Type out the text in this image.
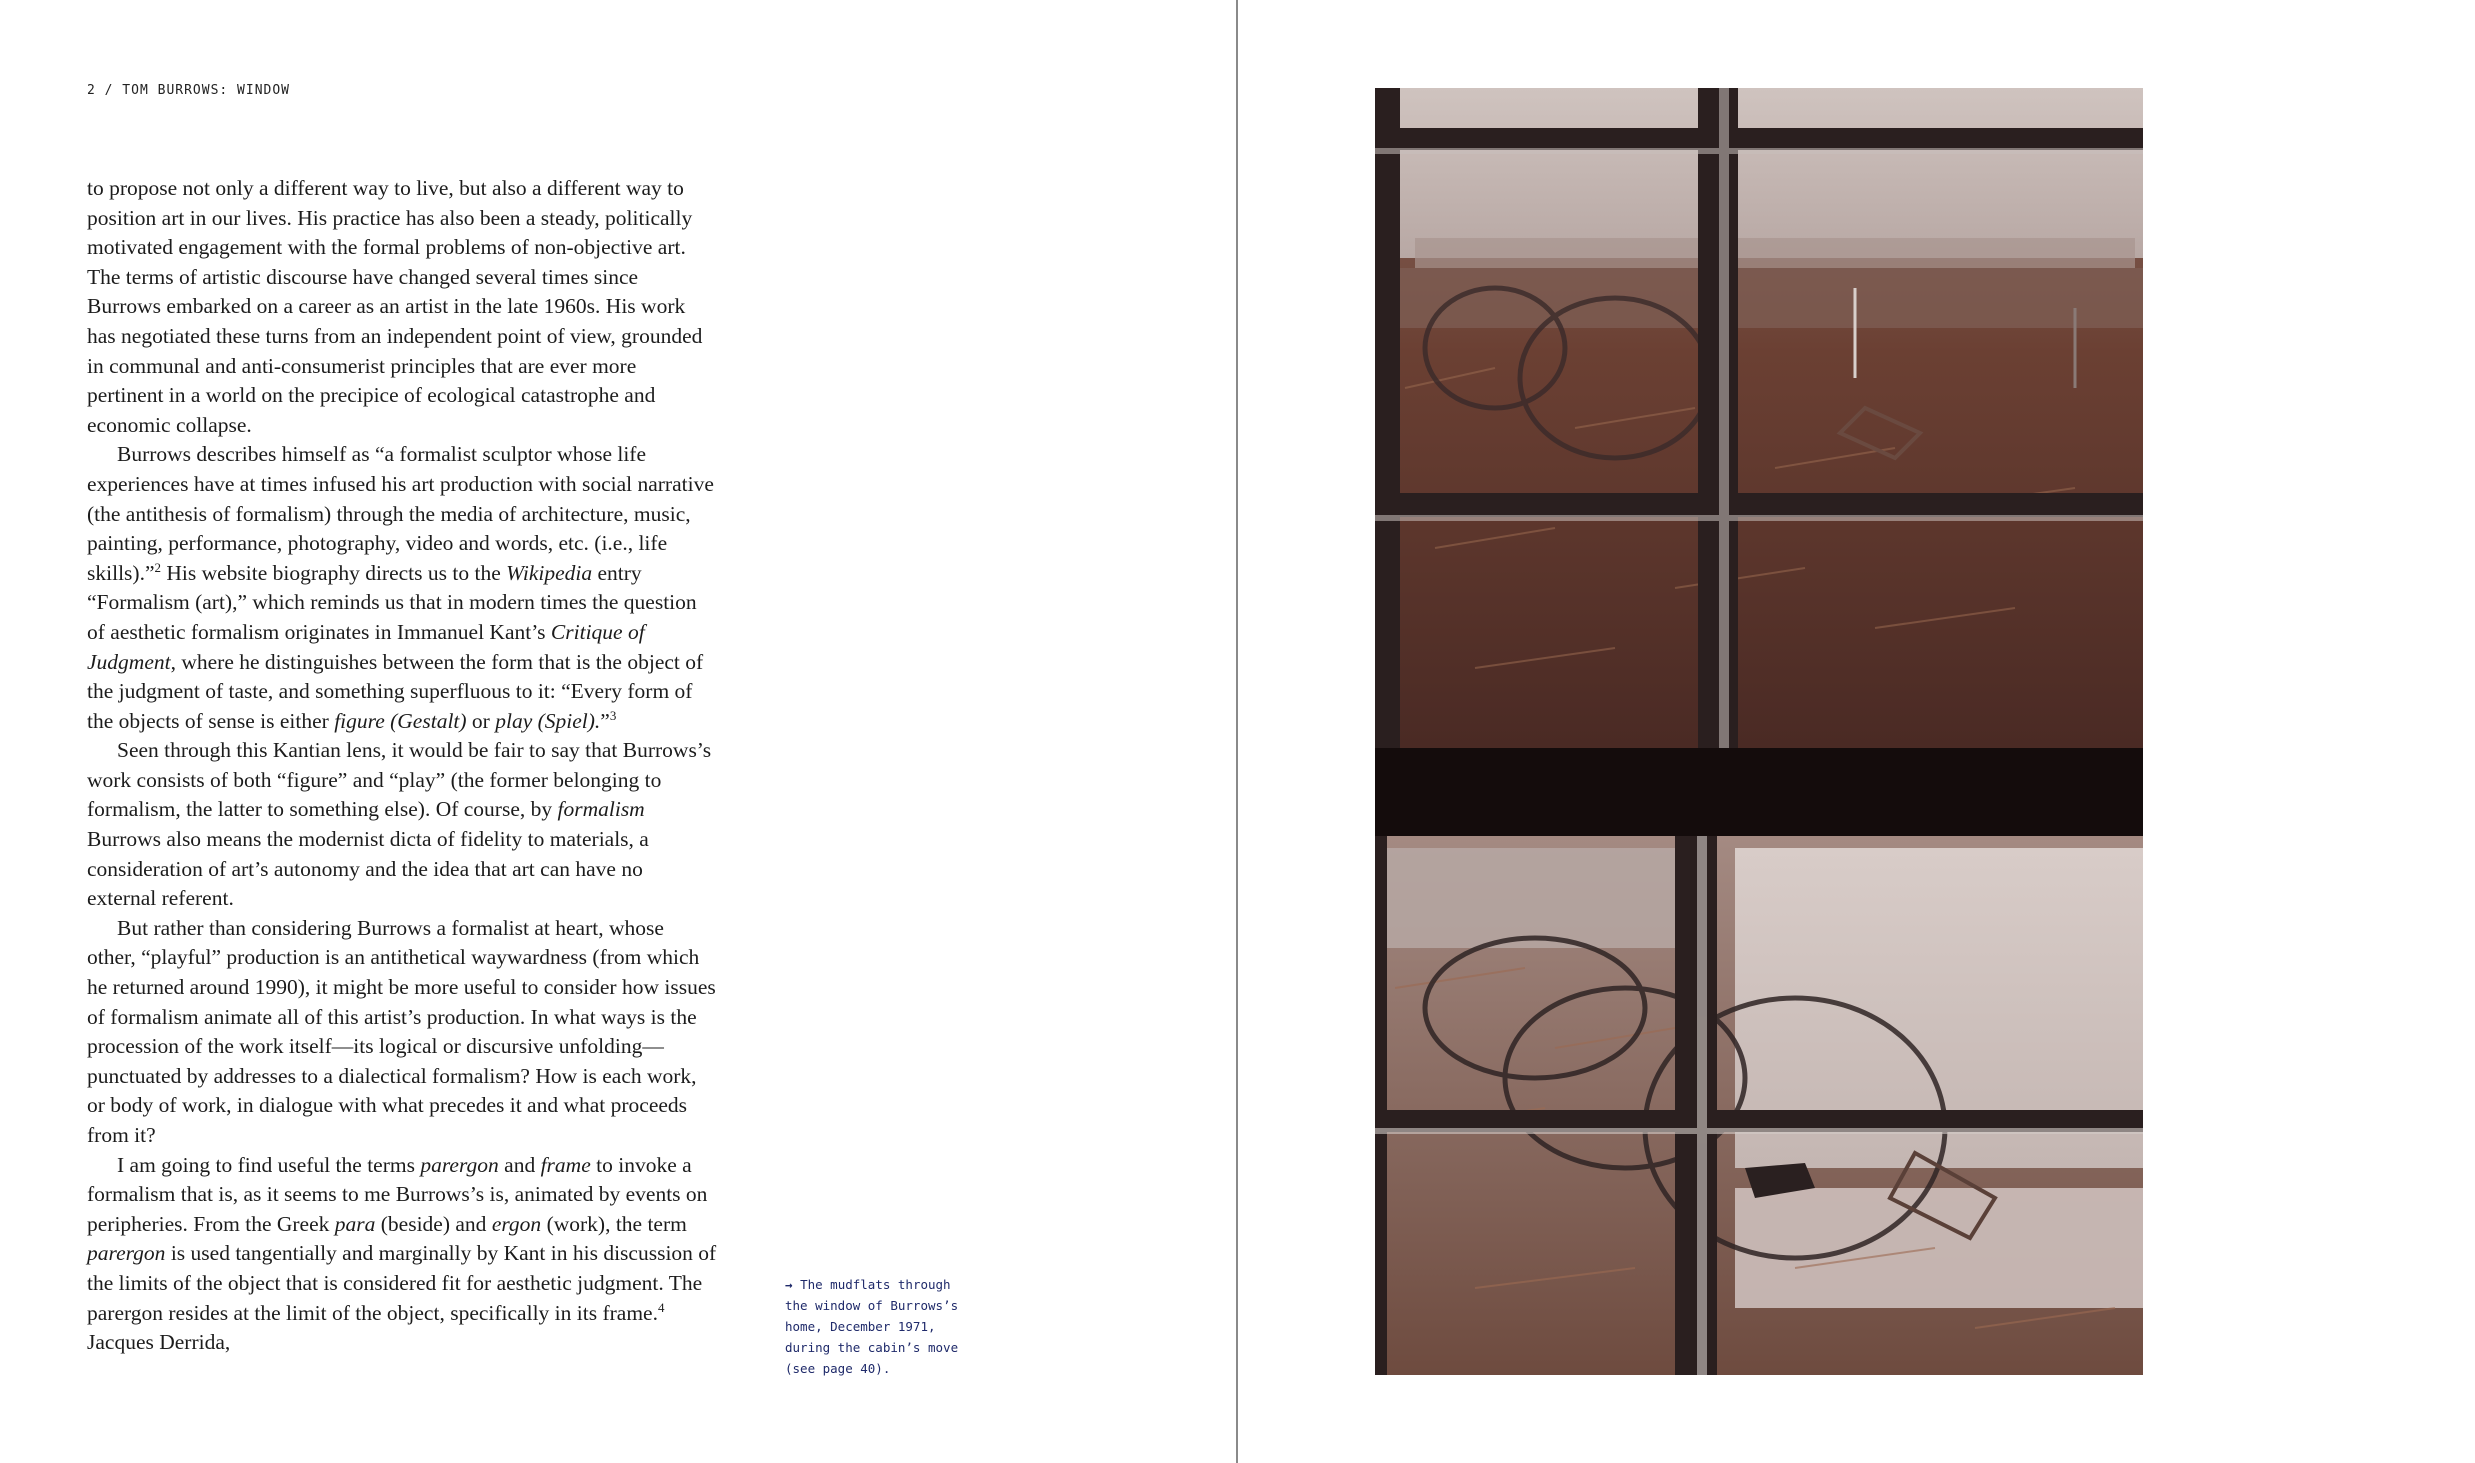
2 / TOM BURROWS: WINDOW

to propose not only a different way to live, but also a different way to position art in our lives. His practice has also been a steady, politically motivated engagement with the formal problems of non-objective art. The terms of artistic discourse have changed several times since Burrows embarked on a career as an artist in the late 1960s. His work has negotiated these turns from an independent point of view, grounded in communal and anti-consumerist principles that are ever more pertinent in a world on the precipice of ecological catastrophe and economic collapse.

Burrows describes himself as “a formalist sculptor whose life experiences have at times infused his art production with social narrative (the antithesis of formalism) through the media of architecture, music, painting, performance, photography, video and words, etc. (i.e., life skills).”$^2$ His website biography directs us to the Wikipedia entry “Formalism (art),” which reminds us that in modern times the question of aesthetic formalism originates in Immanuel Kant’s Critique of Judgment, where he distinguishes between the form that is the object of the judgment of taste, and something superfluous to it: “Every form of the objects of sense is either figure (Gestalt) or play (Spiel).”$^3$

Seen through this Kantian lens, it would be fair to say that Burrows’s work consists of both “figure” and “play” (the former belonging to formalism, the latter to something else). Of course, by formalism Burrows also means the modernist dicta of fidelity to materials, a consideration of art’s autonomy and the idea that art can have no external referent.

But rather than considering Burrows a formalist at heart, whose other, “playful” production is an antithetical waywardness (from which he returned around 1990), it might be more useful to consider how issues of formalism animate all of this artist’s production. In what ways is the procession of the work itself—its logical or discursive unfolding—punctuated by addresses to a dialectical formalism? How is each work, or body of work, in dialogue with what precedes it and what proceeds from it?

I am going to find useful the terms parergon and frame to invoke a formalism that is, as it seems to me Burrows’s is, animated by events on peripheries. From the Greek para (beside) and ergon (work), the term parergon is used tangentially and marginally by Kant in his discussion of the limits of the object that is considered fit for aesthetic judgment. The parergon resides at the limit of the object, specifically in its frame.$^4$ Jacques Derrida,

→ The mudflats through
the window of Burrows’s
home, December 1971,
during the cabin’s move
(see page 40).
